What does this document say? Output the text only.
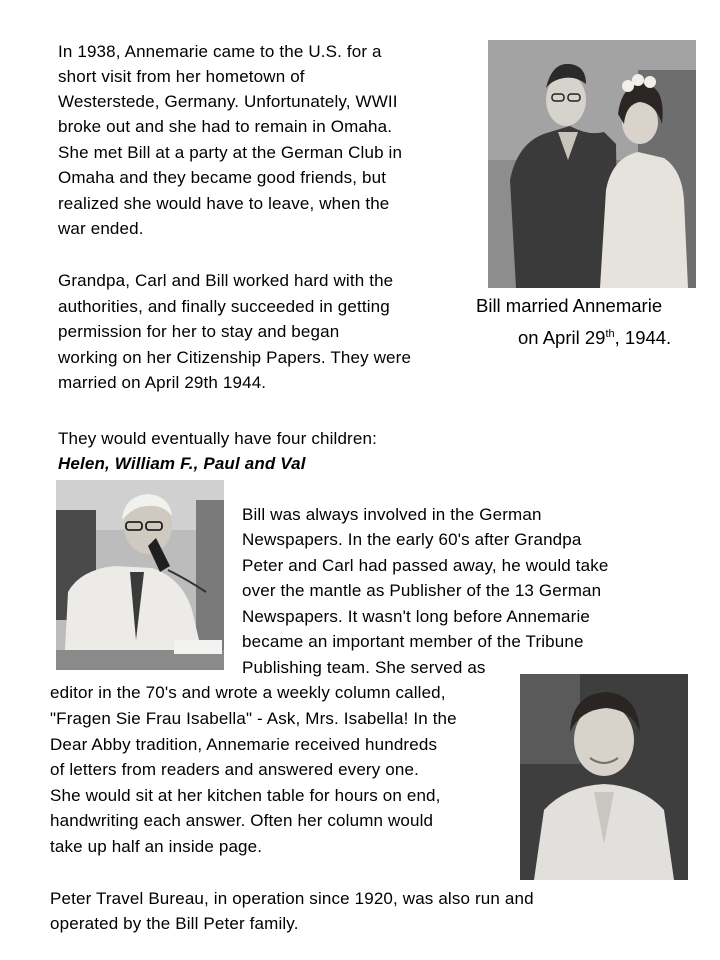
In 1938, Annemarie came to the U.S. for a
short visit from her hometown of
Westerstede, Germany. Unfortunately, WWII
broke out and she had to remain in Omaha.
She met Bill at a party at the German Club in
Omaha and they became good friends, but
realized she would have to leave, when the
war ended.
Grandpa, Carl and Bill worked hard with the
authorities, and finally succeeded in getting
permission for her to stay and began
working on her Citizenship Papers. They were
married on April 29th 1944.
They would eventually have four children:
Helen, William F., Paul and Val
Bill married Annemarie
on April 29th, 1944.
Bill was always involved in the German
Newspapers. In the early 60's after Grandpa
Peter and Carl had passed away, he would take
over the mantle as Publisher of the 13 German
Newspapers. It wasn't long before Annemarie
became an important member of the Tribune
Publishing team. She served as
editor in the 70's and wrote a weekly column called,
"Fragen Sie Frau Isabella" - Ask, Mrs. Isabella! In the
Dear Abby tradition, Annemarie received hundreds
of letters from readers and answered every one.
She would sit at her kitchen table for hours on end,
handwriting each answer. Often her column would
take up half an inside page.
Peter Travel Bureau, in operation since 1920, was also run and
operated by the Bill Peter family.
